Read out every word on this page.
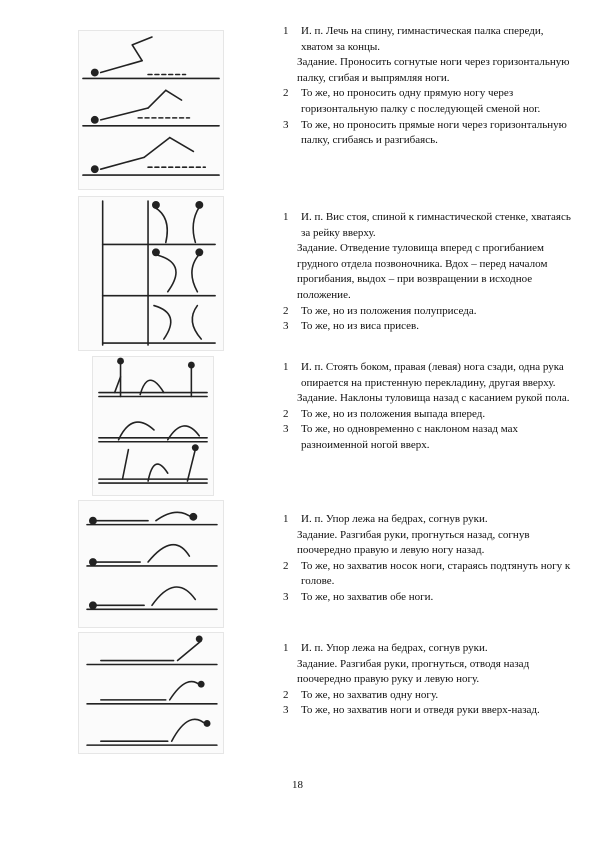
1	И. п. Лечь на спину, гимнастическая палка спереди, хватом за концы.
Задание. Проносить согнутые ноги через горизонтальную палку, сгибая и выпрямляя ноги.
2	То же, но проносить одну прямую ногу через горизонтальную палку с последующей сменой ног.
3	То же, но проносить прямые ноги через горизонтальную палку, сгибаясь и разгибаясь.
1	И. п. Вис стоя, спиной к гимнастической стенке, хватаясь за рейку вверху.
Задание. Отведение туловища вперед с прогибанием грудного отдела позвоночника. Вдох – перед началом прогибания, выдох – при возвращении в исходное положение.
2	То же, но из положения полуприседа.
3	То же, но из виса присев.
1	И. п. Стоять боком, правая (левая) нога сзади, одна рука опирается на пристенную перекладину, другая вверху.
Задание. Наклоны туловища назад с касанием рукой пола.
2	То же, но из положения выпада вперед.
3	То же, но одновременно с наклоном назад мах разноименной ногой вверх.
1	И. п. Упор лежа на бедрах, согнув руки.
Задание. Разгибая руки, прогнуться назад, согнув поочередно правую и левую ногу назад.
2	То же, но захватив носок ноги, стараясь подтянуть ногу к голове.
3	То же, но захватив обе ноги.
1	И. п. Упор лежа на бедрах, согнув руки.
Задание. Разгибая руки, прогнуться, отводя назад поочередно правую руку и левую ногу.
2	То же, но захватив одну ногу.
3	То же, но захватив ноги и отведя руки вверх-назад.
18
